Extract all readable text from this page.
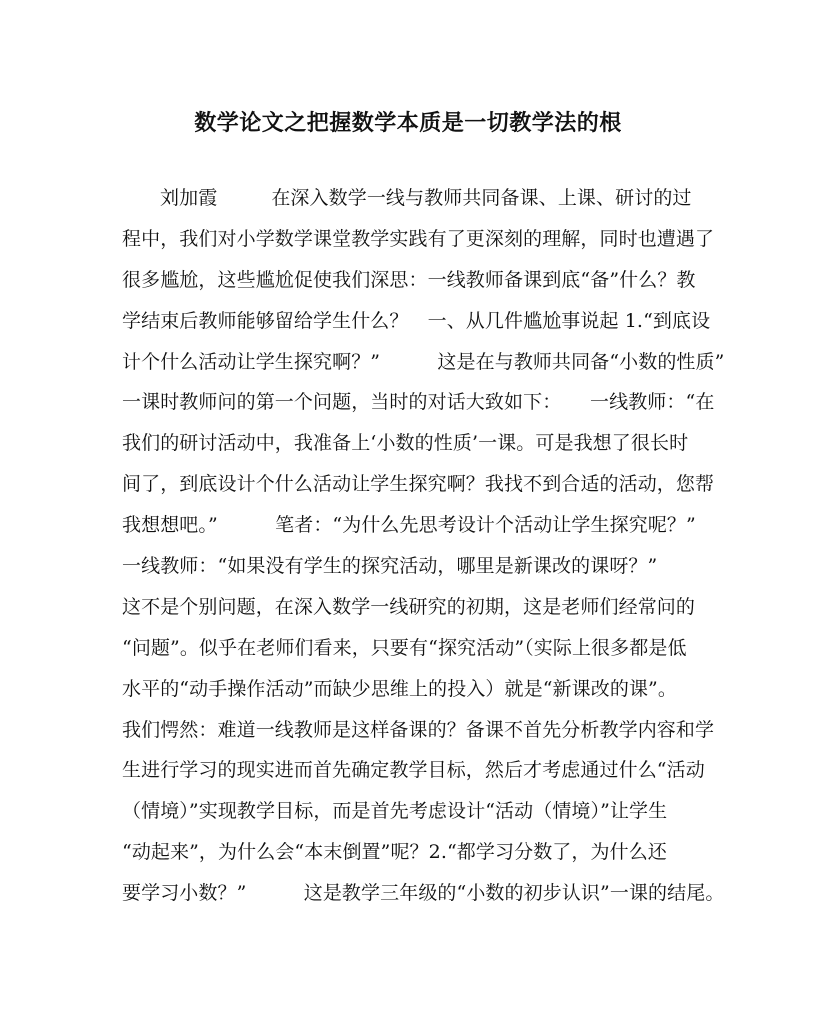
数学论文之把握数学本质是一切教学法的根
刘加霞	在深入数学一线与教师共同备课、上课、研讨的过
程中，我们对小学数学课堂教学实践有了更深刻的理解，同时也遭遇了
很多尴尬，这些尴尬促使我们深思：一线教师备课到底“备”什么？教
学结束后教师能够留给学生什么？　一、从几件尴尬事说起 1.“到底设
计个什么活动让学生探究啊？”　　　这是在与教师共同备“小数的性质”
一课时教师问的第一个问题，当时的对话大致如下：　　一线教师：“在
我们的研讨活动中，我准备上‘小数的性质’一课。可是我想了很长时
间了，到底设计个什么活动让学生探究啊？我找不到合适的活动，您帮
我想想吧。”　　　笔者：“为什么先思考设计个活动让学生探究呢？”
一线教师：“如果没有学生的探究活动，哪里是新课改的课呀？”
这不是个别问题，在深入数学一线研究的初期，这是老师们经常问的
“问题”。似乎在老师们看来，只要有“探究活动”（实际上很多都是低
水平的“动手操作活动”而缺少思维上的投入）就是“新课改的课”。
我们愕然：难道一线教师是这样备课的？备课不首先分析教学内容和学
生进行学习的现实进而首先确定教学目标，然后才考虑通过什么“活动
（情境）”实现教学目标，而是首先考虑设计“活动（情境）”让学生
“动起来”，为什么会“本末倒置”呢？2.“都学习分数了，为什么还
要学习小数？”　　　这是教学三年级的“小数的初步认识”一课的结尾。
